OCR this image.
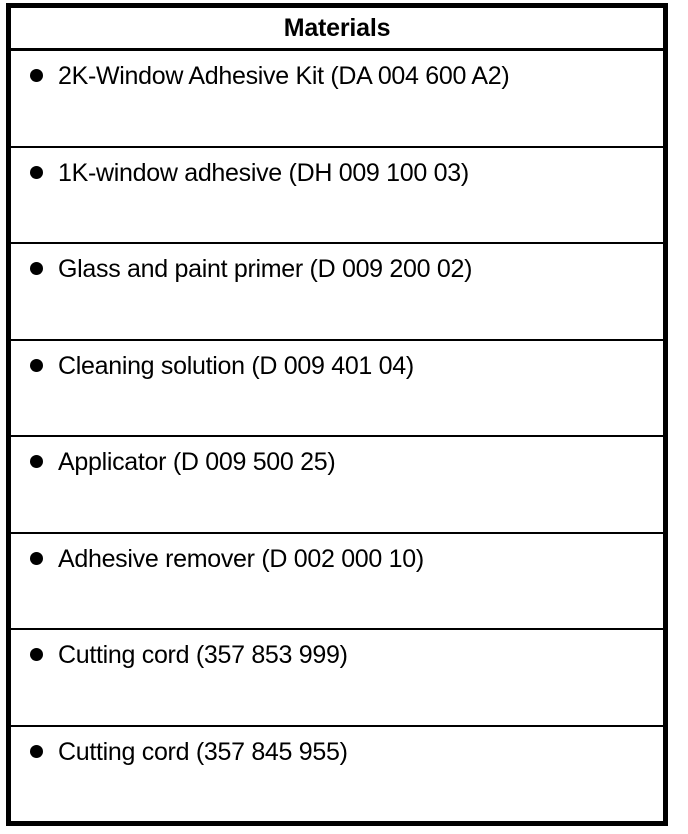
Materials
2K-Window Adhesive Kit (DA 004 600 A2)
1K-window adhesive (DH 009 100 03)
Glass and paint primer (D 009 200 02)
Cleaning solution (D 009 401 04)
Applicator (D 009 500 25)
Adhesive remover (D 002 000 10)
Cutting cord (357 853 999)
Cutting cord (357 845 955)
